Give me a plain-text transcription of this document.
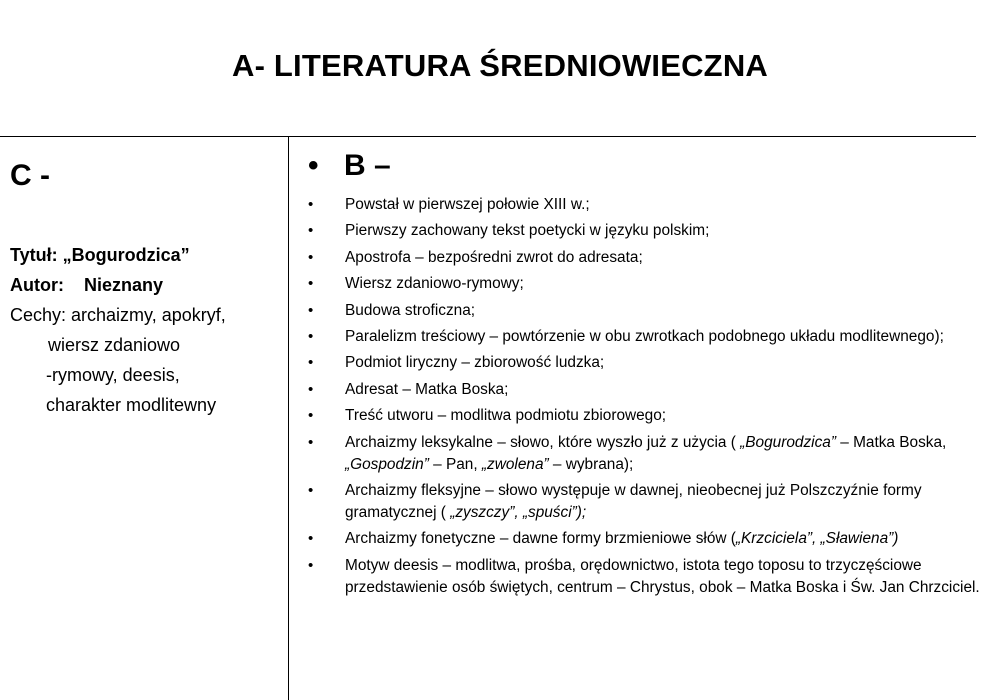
A- LITERATURA ŚREDNIOWIECZNA
C -
Tytuł: „Bogurodzica”
Autor: Nieznany
Cechy: archaizmy, apokryf,
wiersz zdaniowo
-rymowy, deesis,
charakter modlitewny
• B –
• Powstał w pierwszej połowie XIII w.;
• Pierwszy zachowany tekst poetycki w języku polskim;
• Apostrofa – bezpośredni zwrot do adresata;
• Wiersz zdaniowo-rymowy;
• Budowa stroficzna;
• Paralelizm treściowy – powtórzenie w obu zwrotkach podobnego układu modlitewnego);
• Podmiot liryczny – zbiorowość ludzka;
• Adresat – Matka Boska;
• Treść utworu – modlitwa podmiotu zbiorowego;
• Archaizmy leksykalne – słowo, które wyszło już z użycia ( „Bogurodzica” – Matka Boska, „Gospodzin” – Pan, „zwolena” – wybrana);
• Archaizmy fleksyjne – słowo występuje w dawnej, nieobecnej już Polszczyźnie formy gramatycznej ( „zyszczy”, „spuści”);
• Archaizmy fonetyczne – dawne formy brzmieniowe słów („Krzciciela”, „Sławiena”)
• Motyw deesis – modlitwa, prośba, orędownictwo, istota tego toposu to trzyczęściowe przedstawienie osób świętych, centrum – Chrystus, obok – Matka Boska i Św. Jan Chrzciciel.
